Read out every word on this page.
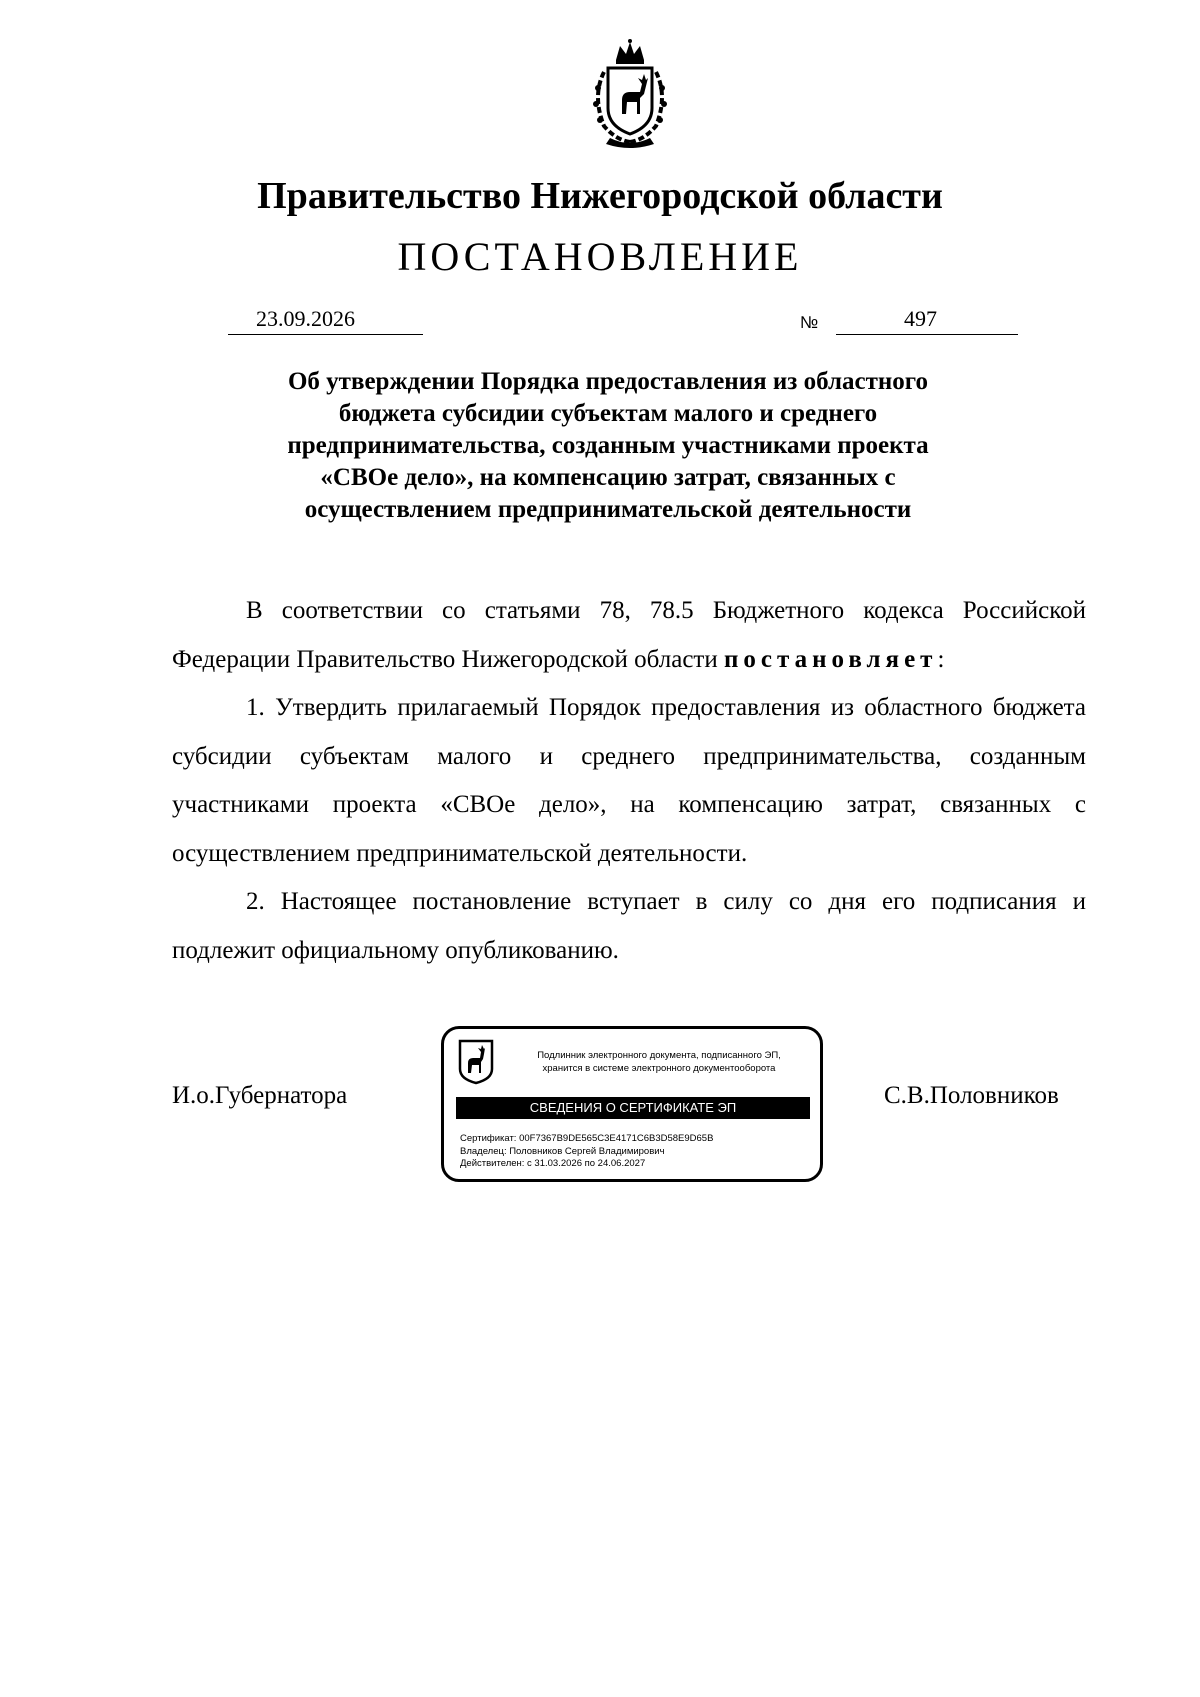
Правительство Нижегородской области
ПОСТАНОВЛЕНИЕ
23.09.2026	№	497
Об утверждении Порядка предоставления из областного
бюджета субсидии субъектам малого и среднего
предпринимательства, созданным участниками проекта
«СВОе дело», на компенсацию затрат, связанных с
осуществлением предпринимательской деятельности

В соответствии со статьями 78, 78.5 Бюджетного кодекса Российской Федерации Правительство Нижегородской области постановляет:

1. Утвердить прилагаемый Порядок предоставления из областного бюджета субсидии субъектам малого и среднего предпринимательства, созданным участниками проекта «СВОе дело», на компенсацию затрат, связанных с осуществлением предпринимательской деятельности.

2. Настоящее постановление вступает в силу со дня его подписания и подлежит официальному опубликованию.

И.о.Губернатора	С.В.Половников
Подлинник электронного документа, подписанного ЭП,
хранится в системе электронного документооборота
СВЕДЕНИЯ О СЕРТИФИКАТЕ ЭП
Сертификат: 00F7367B9DE565C3E4171C6B3D58E9D65B
Владелец: Половников Сергей Владимирович
Действителен: с 31.03.2026 по 24.06.2027
